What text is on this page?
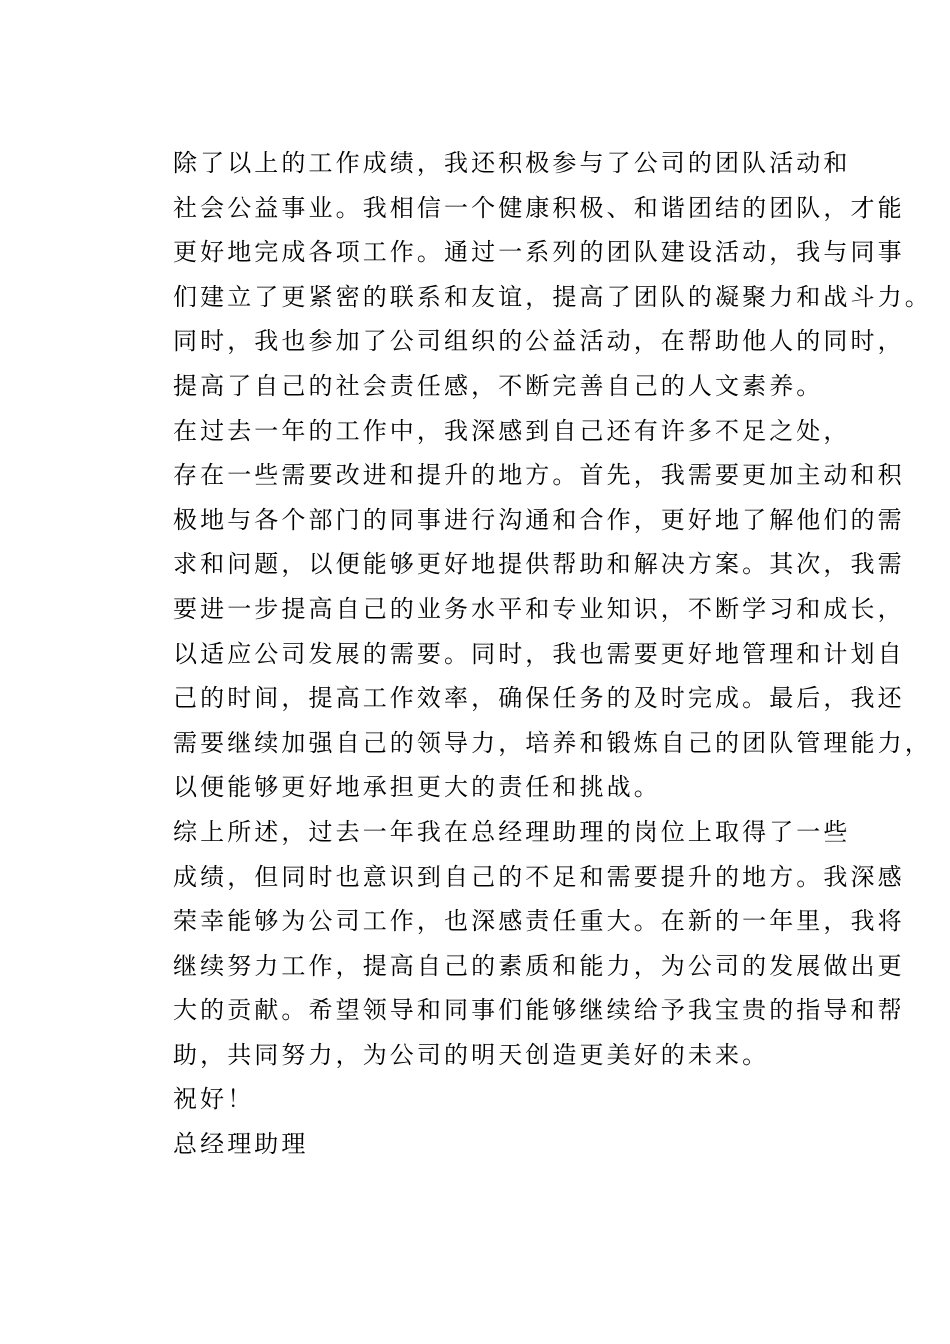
除了以上的工作成绩，我还积极参与了公司的团队活动和
社会公益事业。我相信一个健康积极、和谐团结的团队，才能
更好地完成各项工作。通过一系列的团队建设活动，我与同事
们建立了更紧密的联系和友谊，提高了团队的凝聚力和战斗力。
同时，我也参加了公司组织的公益活动，在帮助他人的同时，
提高了自己的社会责任感，不断完善自己的人文素养。

在过去一年的工作中，我深感到自己还有许多不足之处，
存在一些需要改进和提升的地方。首先，我需要更加主动和积
极地与各个部门的同事进行沟通和合作，更好地了解他们的需
求和问题，以便能够更好地提供帮助和解决方案。其次，我需
要进一步提高自己的业务水平和专业知识，不断学习和成长，
以适应公司发展的需要。同时，我也需要更好地管理和计划自
己的时间，提高工作效率，确保任务的及时完成。最后，我还
需要继续加强自己的领导力，培养和锻炼自己的团队管理能力，
以便能够更好地承担更大的责任和挑战。

综上所述，过去一年我在总经理助理的岗位上取得了一些
成绩，但同时也意识到自己的不足和需要提升的地方。我深感
荣幸能够为公司工作，也深感责任重大。在新的一年里，我将
继续努力工作，提高自己的素质和能力，为公司的发展做出更
大的贡献。希望领导和同事们能够继续给予我宝贵的指导和帮
助，共同努力，为公司的明天创造更美好的未来。

祝好！

总经理助理
